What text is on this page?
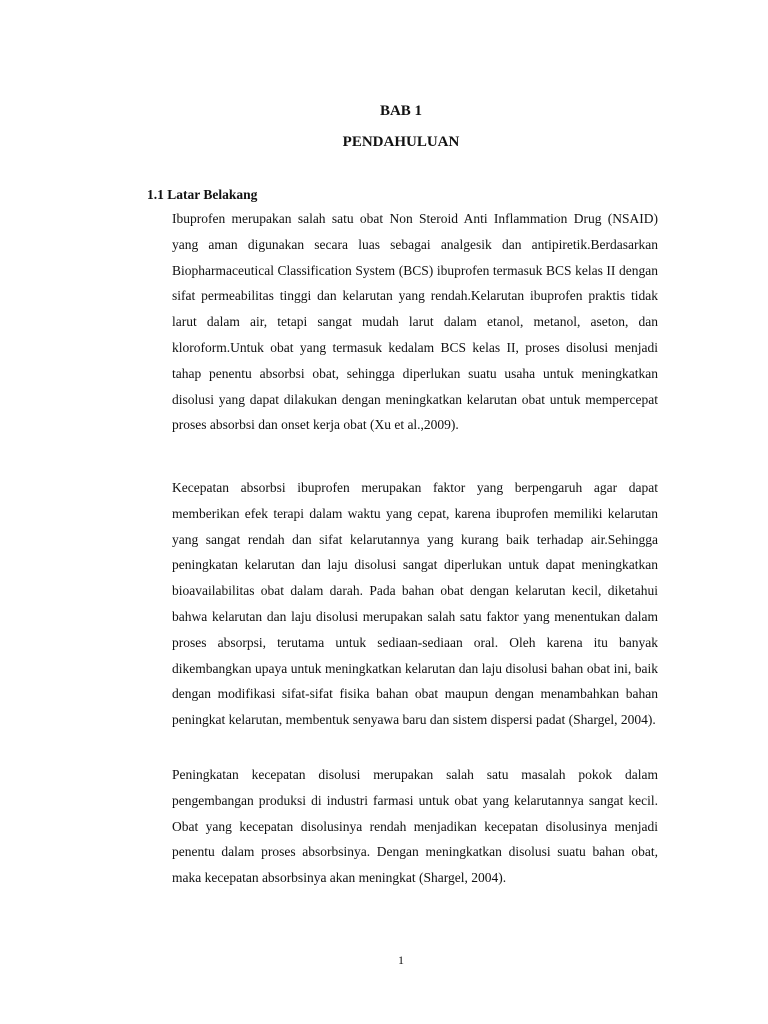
BAB 1
PENDAHULUAN
1.1 Latar Belakang

Ibuprofen merupakan salah satu obat Non Steroid Anti Inflammation Drug (NSAID) yang aman digunakan secara luas sebagai analgesik dan antipiretik.Berdasarkan Biopharmaceutical Classification System (BCS) ibuprofen termasuk BCS kelas II dengan sifat permeabilitas tinggi dan kelarutan yang rendah.Kelarutan ibuprofen praktis tidak larut dalam air, tetapi sangat mudah larut dalam etanol, metanol, aseton, dan kloroform.Untuk obat yang termasuk kedalam BCS kelas II, proses disolusi menjadi tahap penentu absorbsi obat, sehingga diperlukan suatu usaha untuk meningkatkan disolusi yang dapat dilakukan dengan meningkatkan kelarutan obat untuk mempercepat proses absorbsi dan onset kerja obat (Xu et al.,2009).

Kecepatan absorbsi ibuprofen merupakan faktor yang berpengaruh agar dapat memberikan efek terapi dalam waktu yang cepat, karena ibuprofen memiliki kelarutan yang sangat rendah dan sifat kelarutannya yang kurang baik terhadap air.Sehingga peningkatan kelarutan dan laju disolusi sangat diperlukan untuk dapat meningkatkan bioavailabilitas obat dalam darah. Pada bahan obat dengan kelarutan kecil, diketahui bahwa kelarutan dan laju disolusi merupakan salah satu faktor yang menentukan dalam proses absorpsi, terutama untuk sediaan-sediaan oral. Oleh karena itu banyak dikembangkan upaya untuk meningkatkan kelarutan dan laju disolusi bahan obat ini, baik dengan modifikasi sifat-sifat fisika bahan obat maupun dengan menambahkan bahan peningkat kelarutan, membentuk senyawa baru dan sistem dispersi padat (Shargel, 2004).

Peningkatan kecepatan disolusi merupakan salah satu masalah pokok dalam pengembangan produksi di industri farmasi untuk obat yang kelarutannya sangat kecil. Obat yang kecepatan disolusinya rendah menjadikan kecepatan disolusinya menjadi penentu dalam proses absorbsinya. Dengan meningkatkan disolusi suatu bahan obat, maka kecepatan absorbsinya akan meningkat (Shargel, 2004).

1
